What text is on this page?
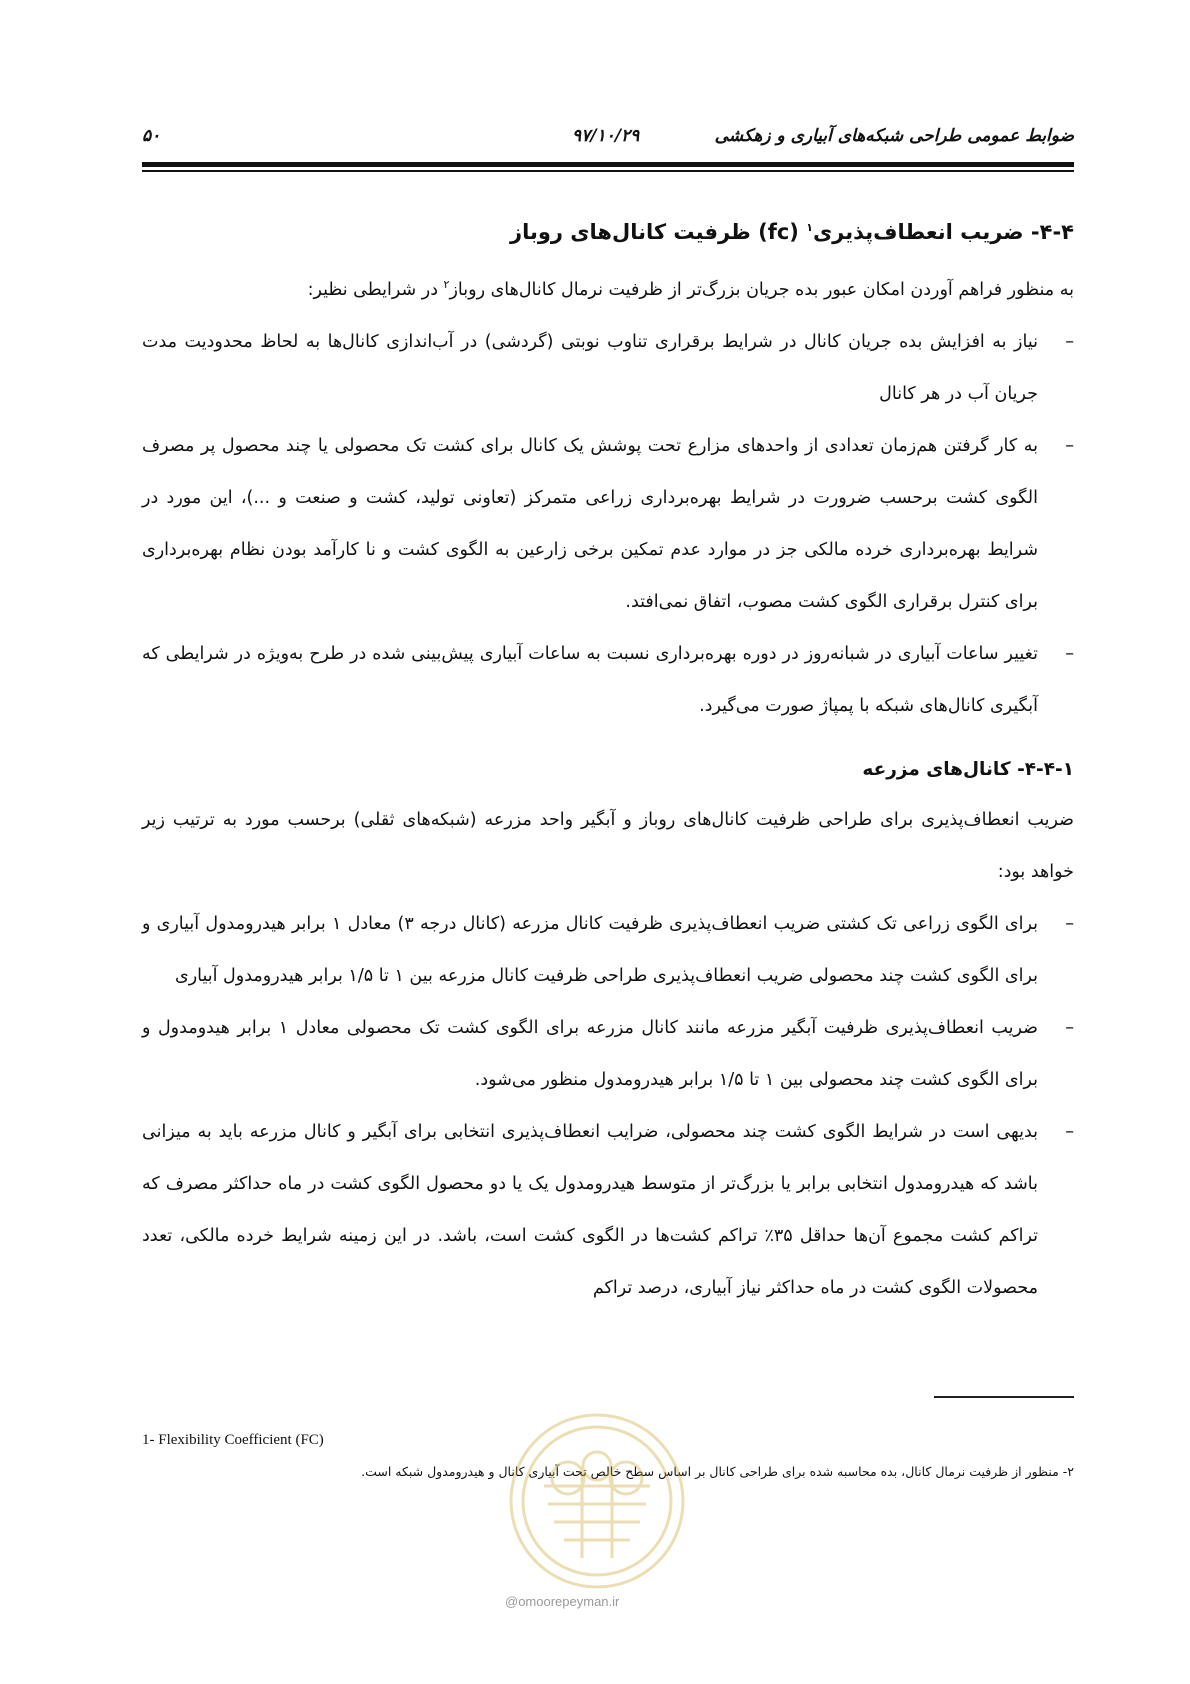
ضوابط عمومی طراحی شبکه‌های آبیاری و زهکشی
۹۷/۱۰/۲۹
۵۰
۴-۴- ضریب انعطاف‌پذیری$^۱$ (fc) ظرفیت کانال‌های روباز

به منظور فراهم آوردن امکان عبور بده جریان بزرگ‌تر از ظرفیت نرمال کانال‌های روباز$^۲$ در شرایطی نظیر:

–
نیاز به افزایش بده جریان کانال در شرایط برقراری تناوب نوبتی (گردشی) در آب‌اندازی کانال‌ها به لحاظ محدودیت مدت جریان آب در هر کانال
–
به کار گرفتن هم‌زمان تعدادی از واحدهای مزارع تحت پوشش یک کانال برای کشت تک محصولی یا چند محصول پر مصرف الگوی کشت برحسب ضرورت در شرایط بهره‌برداری زراعی متمرکز (تعاونی تولید، کشت و صنعت و ...)، این مورد در شرایط بهره‌برداری خرده مالکی جز در موارد عدم تمکین برخی زارعین به الگوی کشت و نا کارآمد بودن نظام بهره‌برداری برای کنترل برقراری الگوی کشت مصوب، اتفاق نمی‌افتد.
–
تغییر ساعات آبیاری در شبانه‌روز در دوره بهره‌برداری نسبت به ساعات آبیاری پیش‌بینی شده در طرح به‌ویژه در شرایطی که آبگیری کانال‌های شبکه با پمپاژ صورت می‌گیرد.
۴-۴-۱- کانال‌های مزرعه

ضریب انعطاف‌پذیری برای طراحی ظرفیت کانال‌های روباز و آبگیر واحد مزرعه (شبکه‌های ثقلی) برحسب مورد به ترتیب زیر خواهد بود:

–
برای الگوی زراعی تک کشتی ضریب انعطاف‌پذیری ظرفیت کانال مزرعه (کانال درجه ۳) معادل ۱ برابر هیدرومدول آبیاری و برای الگوی کشت چند محصولی ضریب انعطاف‌پذیری طراحی ظرفیت کانال مزرعه بین ۱ تا ۱/۵ برابر هیدرومدول آبیاری
–
ضریب انعطاف‌پذیری ظرفیت آبگیر مزرعه مانند کانال مزرعه برای الگوی کشت تک محصولی معادل ۱ برابر هیدومدول و برای الگوی کشت چند محصولی بین ۱ تا ۱/۵ برابر هیدرومدول منظور می‌شود.
–
بدیهی است در شرایط الگوی کشت چند محصولی، ضرایب انعطاف‌پذیری انتخابی برای آبگیر و کانال مزرعه باید به میزانی باشد که هیدرومدول انتخابی برابر یا بزرگ‌تر از متوسط هیدرومدول یک یا دو محصول الگوی کشت در ماه حداکثر مصرف که تراکم کشت مجموع آن‌ها حداقل ۳۵٪ تراکم کشت‌ها در الگوی کشت است، باشد. در این زمینه شرایط خرده مالکی، تعدد محصولات الگوی کشت در ماه حداکثر نیاز آبیاری، درصد تراکم
1- Flexibility Coefficient (FC)
۲- منظور از ظرفیت نرمال کانال، بده محاسبه شده برای طراحی کانال بر اساس سطح خالص تحت آبیاری کانال و هیدرومدول شبکه است.
@omoorepeyman.ir
